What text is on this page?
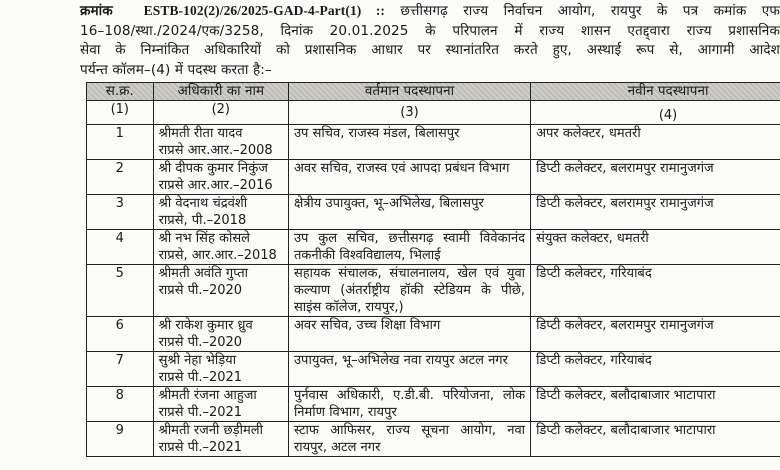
क्रमांक ESTB-102(2)/26/2025-GAD-4-Part(1) :: छत्तीसगढ़ राज्य निर्वाचन आयोग, रायपुर के पत्र कमांक एफ
16–108/स्था./2024/एक/3258, दिनांक 20.01.2025 के परिपालन में राज्य शासन एतद्द्वारा राज्य प्रशासनिक
सेवा के निम्नांकित अधिकारियों को प्रशासनिक आधार पर स्थानांतरित करते हुए, अस्थाई रूप से, आगामी आदेश
पर्यन्त कॉलम–(4) में पदस्थ करता है:–
स.क्र.	अधिकारी का नाम	वर्तमान पदस्थापना	नवीन पदस्थापना
(1)	(2)	(3)	(4)
1	श्रीमती रीता यादव
राप्रसे आर.आर.–2008	उप सचिव, राजस्व मंडल, बिलासपुर	अपर कलेक्टर, धमतरी
2	श्री दीपक कुमार निकुंज
राप्रसे आर.आर.–2016	अवर सचिव, राजस्व एवं आपदा प्रबंधन विभाग	डिप्टी कलेक्टर, बलरामपुर रामानुजगंज
3	श्री वेदनाथ चंद्रवंशी
राप्रसे, पी.–2018	क्षेत्रीय उपायुक्त, भू–अभिलेख, बिलासपुर	डिप्टी कलेक्टर, बलरामपुर रामानुजगंज
4	श्री नभ सिंह कोसले
राप्रसे, आर.आर.–2018	उप कुल सचिव, छत्तीसगढ़ स्वामी विवेकानंद तकनीकी विश्वविद्यालय, भिलाई	संयुक्त कलेक्टर, धमतरी
5	श्रीमती अवंति गुप्ता
राप्रसे पी.–2020	सहायक संचालक, संचालनालय, खेल एवं युवा कल्याण (अंतर्राष्ट्रीय हॉकी स्टेडियम के पीछे, साइंस कॉलेज, रायपुर,)	डिप्टी कलेक्टर, गरियाबंद
6	श्री राकेश कुमार ध्रुव
राप्रसे पी.–2020	अवर सचिव, उच्च शिक्षा विभाग	डिप्टी कलेक्टर, बलरामपुर रामानुजगंज
7	सुश्री नेहा भेड़िया
राप्रसे पी.–2021	उपायुक्त, भू–अभिलेख नवा रायपुर अटल नगर	डिप्टी कलेक्टर, गरियाबंद
8	श्रीमती रंजना आहुजा
राप्रसे पी.–2021	पुर्नवास अधिकारी, ए.डी.बी. परियोजना, लोक निर्माण विभाग, रायपुर	डिप्टी कलेक्टर, बलौदाबाजार भाटापारा
9	श्रीमती रजनी छड़ीमली
राप्रसे पी.–2021	स्टाफ आफिसर, राज्य सूचना आयोग, नवा रायपुर, अटल नगर	डिप्टी कलेक्टर, बलौदाबाजार भाटापारा
